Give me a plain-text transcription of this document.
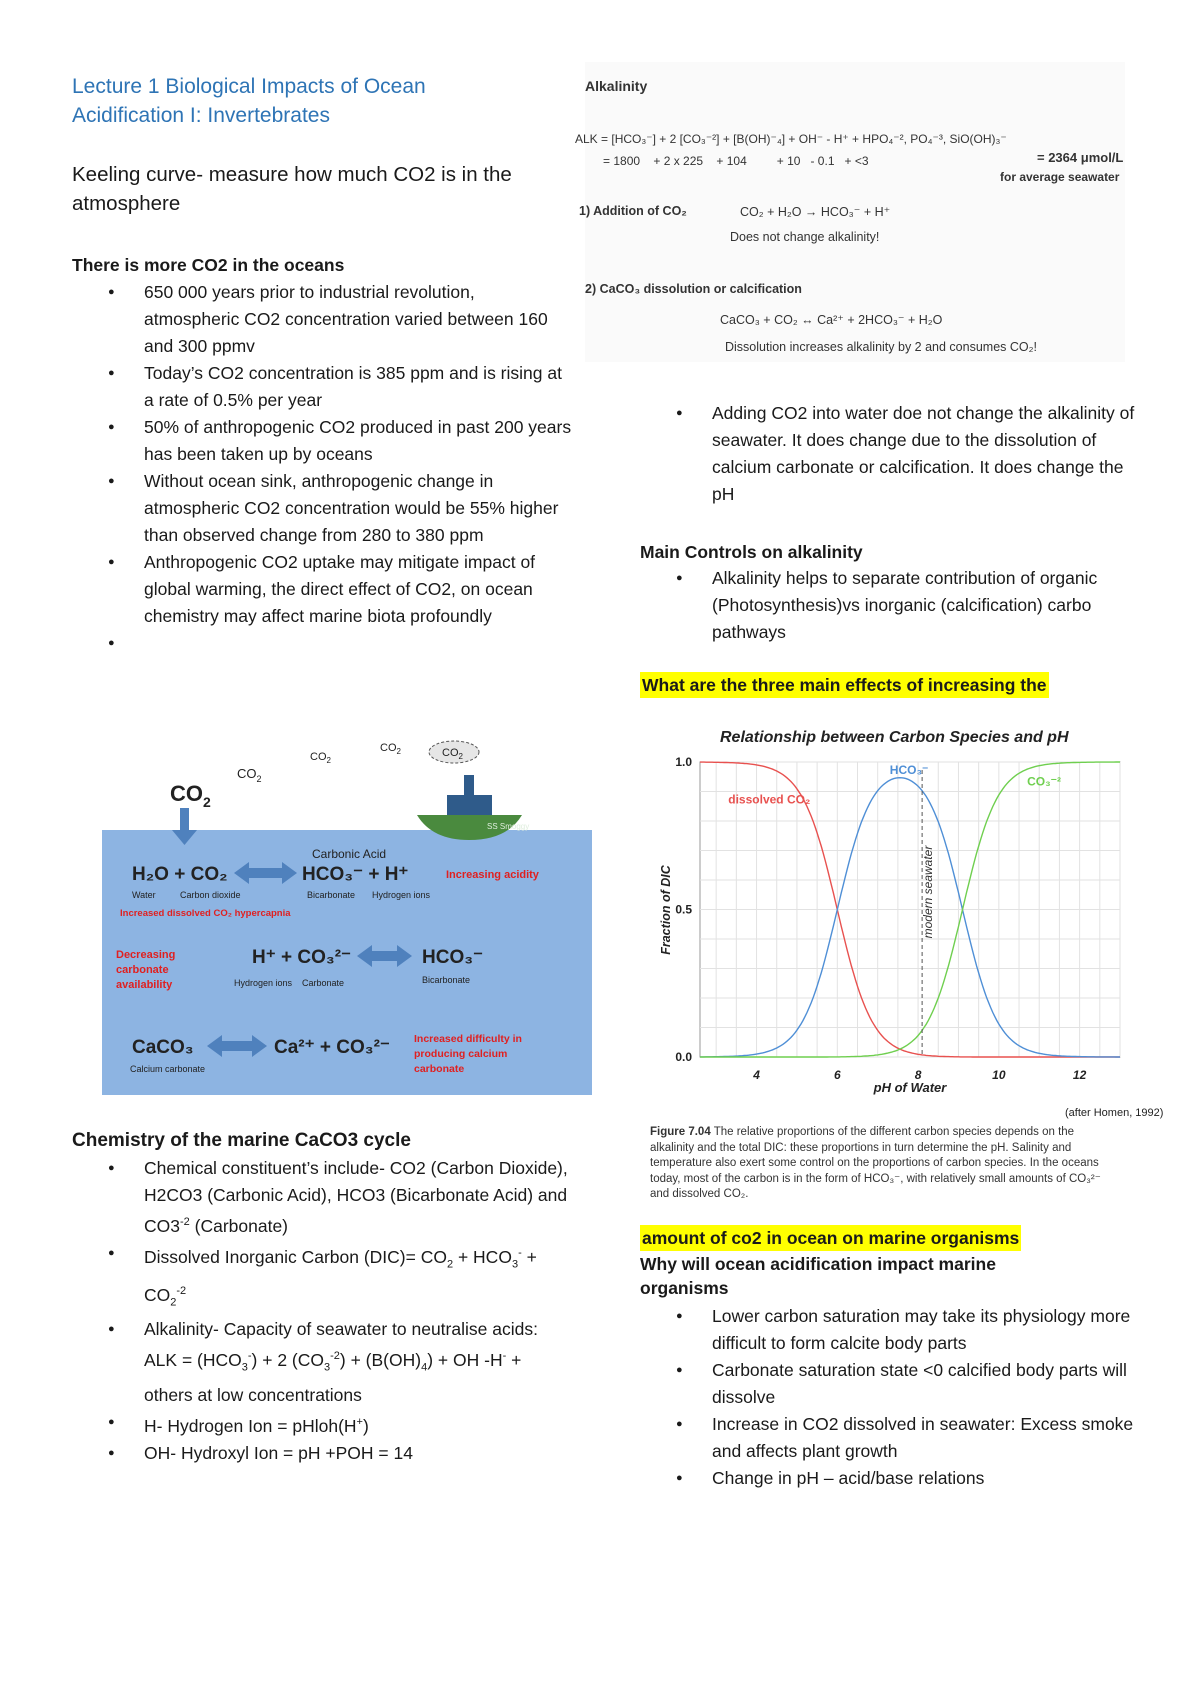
Lecture 1 Biological Impacts of Ocean
Acidification I: Invertebrates
Keeling curve- measure how much CO2 is in the
atmosphere
There is more CO2 in the oceans
● 650 000 years prior to industrial revolution, atmospheric CO2 concentration varied between 160 and 300 ppmv
● Today’s CO2 concentration is 385 ppm and is rising at a rate of 0.5% per year
● 50% of anthropogenic CO2 produced in past 200 years has been taken up by oceans
● Without ocean sink, anthropogenic change in atmospheric CO2 concentration would be 55% higher than observed change from 280 to 380 ppm
● Anthropogenic CO2 uptake may mitigate impact of global warming, the direct effect of CO2, on ocean chemistry may affect marine biota profoundly
●
$CO_2$
$CO_2$
$CO_2$
$CO_2$	$CO_2$
SS Smoggy
Carbonic Acid
H₂O + CO₂	HCO₃⁻ + H⁺	Increasing acidity
Water	Carbon dioxide	Bicarbonate Hydrogen ions
Increased dissolved CO₂ hypercapnia
Decreasing
carbonate
availability
H⁺ + CO₃²⁻	HCO₃⁻
Hydrogen ions Carbonate	Bicarbonate
CaCO₃	Ca²⁺ + CO₃²⁻
Calcium carbonate
Increased difficulty in
producing calcium
carbonate
Chemistry of the marine CaCO3 cycle
● Chemical constituent’s include- CO2 (Carbon Dioxide), H2CO3 (Carbonic Acid), HCO3 (Bicarbonate Acid) and $CO3^{-2}$ (Carbonate)
● Dissolved Inorganic Carbon $(DIC)= CO_2 + HCO_3^- + CO_2^{-2}$
● Alkalinity- Capacity of seawater to neutralise acids: ALK = $(HCO_3^-) + 2$ $(CO_3^{-2}) + (B(OH)_4)$ + OH -H- + others at low concentrations
● H- Hydrogen Ion = pHloh(H+)
● OH- Hydroxyl Ion = pH +POH = 14
Alkalinity
ALK = [HCO₃⁻] + 2 [CO₃⁻²] + [B(OH)⁻₄] + OH⁻ - H⁺ + HPO₄⁻², PO₄⁻³, SiO(OH)₃⁻
= 1800    + 2 x 225    + 104         + 10   - 0.1   + <3	= 2364 μmol/L
for average seawater
1) Addition of CO₂	CO₂ + H₂O → HCO₃⁻ + H⁺
Does not change alkalinity!
2) CaCO₃ dissolution or calcification
CaCO₃ + CO₂ ↔ Ca²⁺ + 2HCO₃⁻ + H₂O
Dissolution increases alkalinity by 2 and consumes CO₂!
● Adding CO2 into water doe not change the alkalinity of seawater. It does change due to the dissolution of calcium carbonate or calcification. It does change the pH
Main Controls on alkalinity
● Alkalinity helps to separate contribution of organic (Photosynthesis)vs inorganic (calcification) carbo pathways
What are the three main effects of increasing the
Relationship between Carbon Species and pH
4	6	8	10	12
0.0
0.5
1.0
Fraction of DIC
pH of Water
(after Homen, 1992)
modern seawater
dissolved CO₂
HCO₃⁻
CO₃⁻²
Figure 7.04 The relative proportions of the different carbon species depends on the alkalinity and the total DIC: these proportions in turn determine the pH. Salinity and temperature also exert some control on the proportions of carbon species. In the oceans today, most of the carbon is in the form of HCO₃⁻, with relatively small amounts of CO₃²⁻ and dissolved CO₂.
amount of co2 in ocean on marine organisms
Why will ocean acidification impact marine
organisms
● Lower carbon saturation may take its physiology more difficult to form calcite body parts
● Carbonate saturation state <0 calcified body parts will dissolve
● Increase in CO2 dissolved in seawater: Excess smoke and affects plant growth
● Change in pH – acid/base relations
